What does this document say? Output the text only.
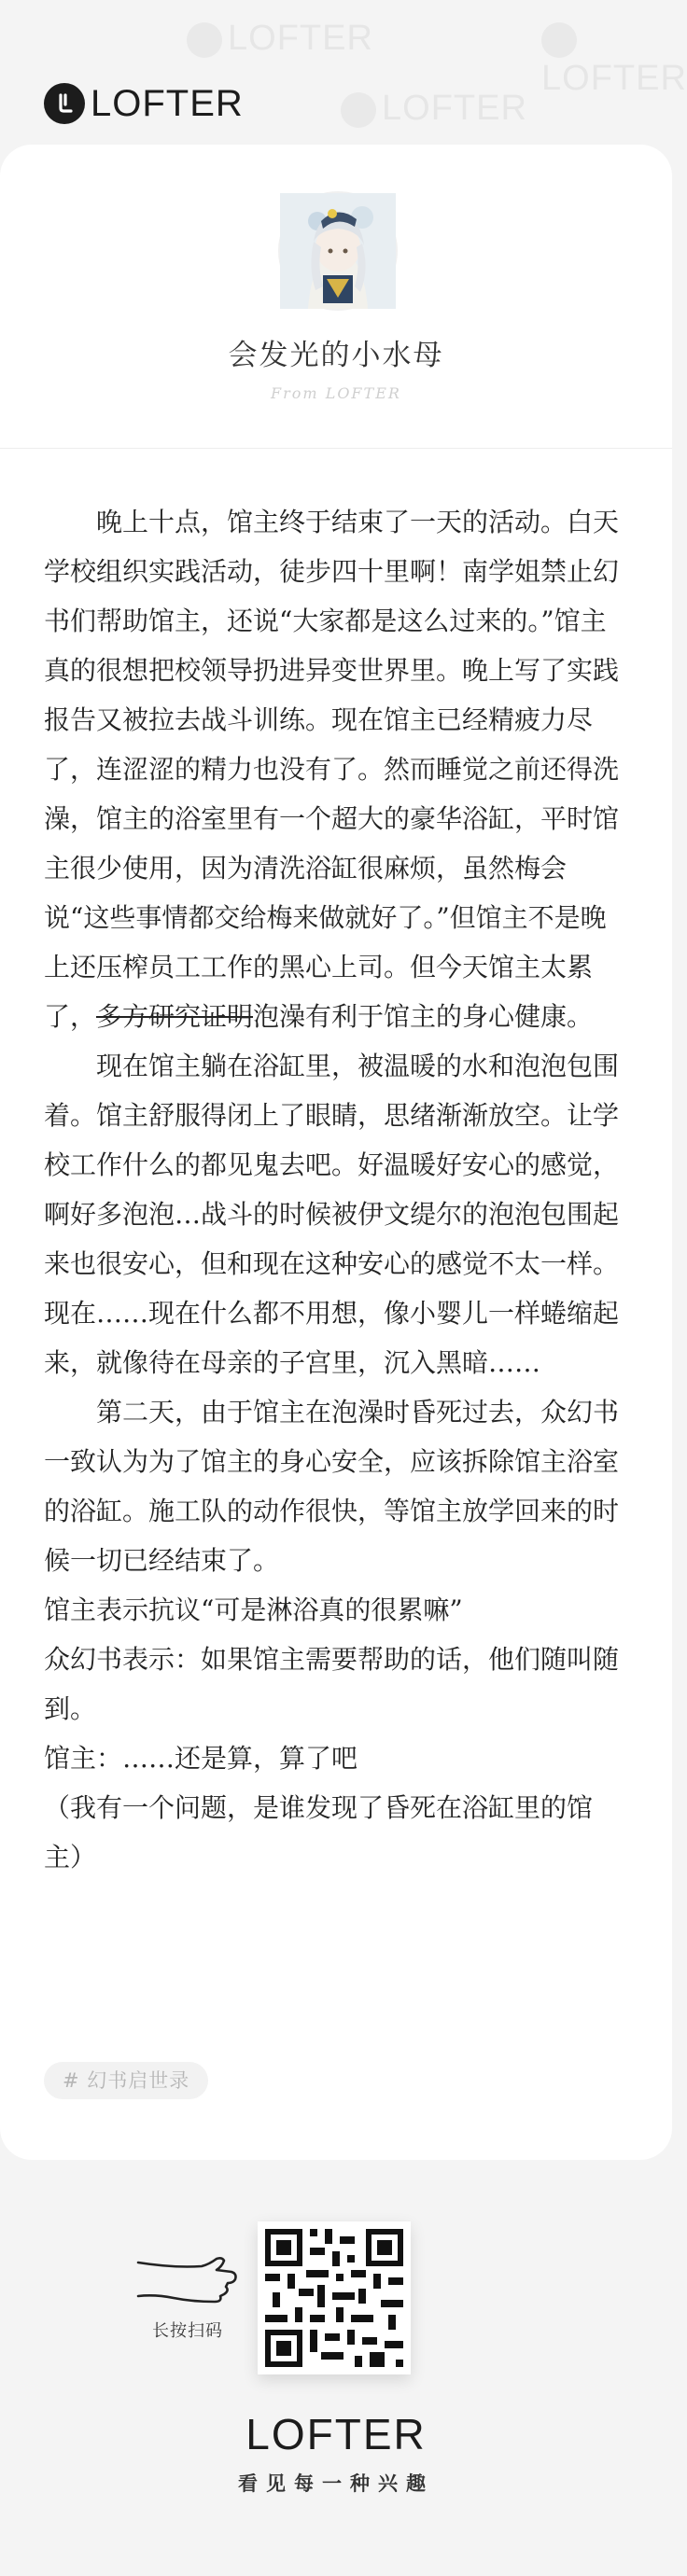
LOFTER
LOFTER
LOFTER
LOFTER
会发光的小水母
From LOFTER

晚上十点，馆主终于结束了一天的活动。白天学校组织实践活动，徒步四十里啊！南学姐禁止幻书们帮助馆主，还说“大家都是这么过来的。”馆主真的很想把校领导扔进异变世界里。晚上写了实践报告又被拉去战斗训练。现在馆主已经精疲力尽了，连涩涩的精力也没有了。然而睡觉之前还得洗澡，馆主的浴室里有一个超大的豪华浴缸，平时馆主很少使用，因为清洗浴缸很麻烦，虽然梅会说“这些事情都交给梅来做就好了。”但馆主不是晚上还压榨员工工作的黑心上司。但今天馆主太累了，多方研究证明泡澡有利于馆主的身心健康。

现在馆主躺在浴缸里，被温暖的水和泡泡包围着。馆主舒服得闭上了眼睛，思绪渐渐放空。让学校工作什么的都见鬼去吧。好温暖好安心的感觉，啊好多泡泡…战斗的时候被伊文缇尔的泡泡包围起来也很安心，但和现在这种安心的感觉不太一样。现在……现在什么都不用想，像小婴儿一样蜷缩起来，就像待在母亲的子宫里，沉入黑暗……

第二天，由于馆主在泡澡时昏死过去，众幻书一致认为为了馆主的身心安全，应该拆除馆主浴室的浴缸。施工队的动作很快，等馆主放学回来的时候一切已经结束了。

馆主表示抗议“可是淋浴真的很累嘛”

众幻书表示：如果馆主需要帮助的话，他们随叫随到。

馆主：……还是算，算了吧

（我有一个问题，是谁发现了昏死在浴缸里的馆主）

# 幻书启世录
长按扫码
LOFTER
看见每一种兴趣
